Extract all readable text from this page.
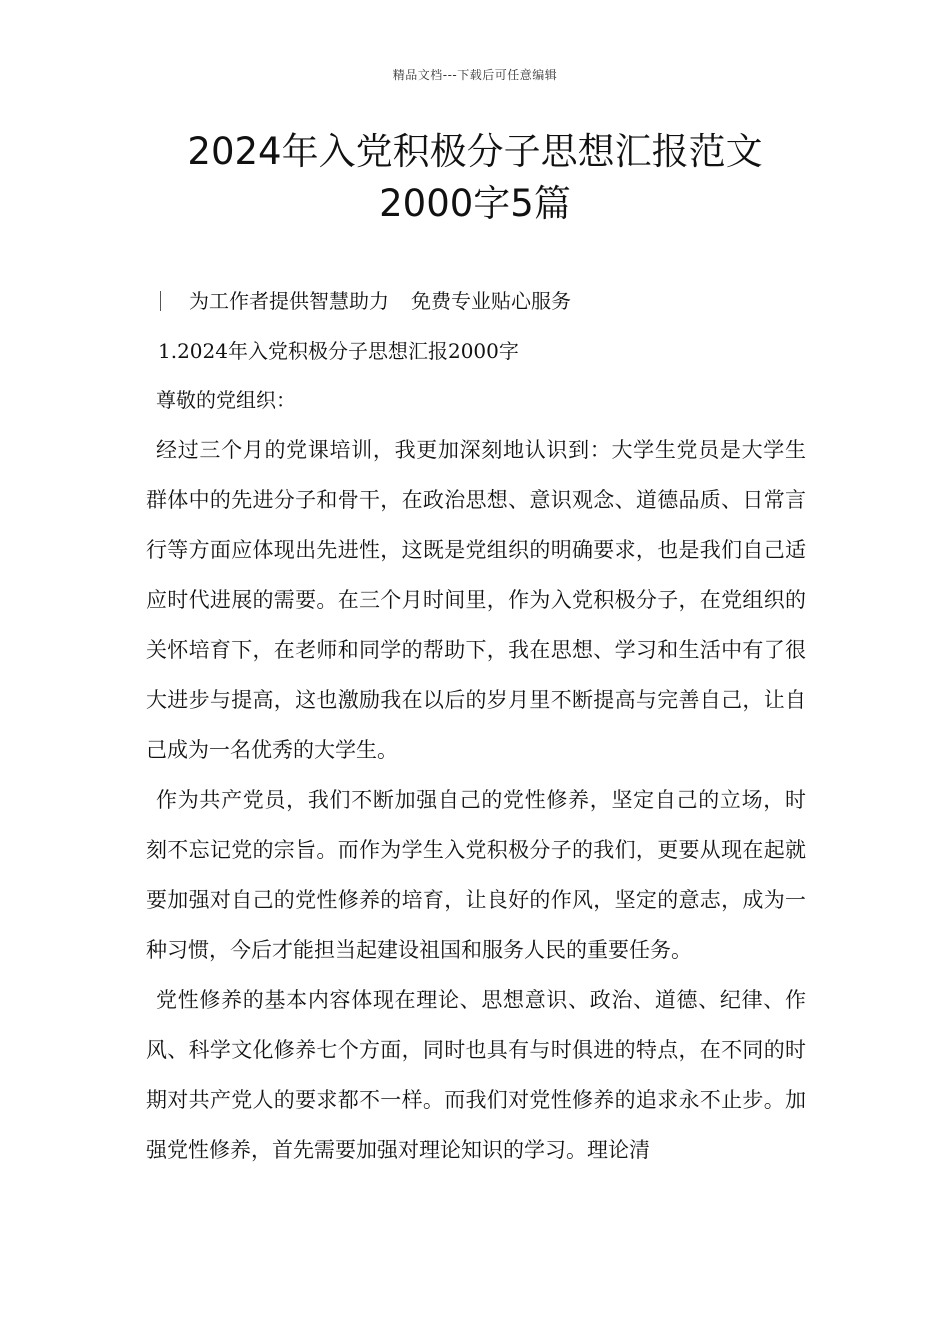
精品文档---下载后可任意编辑
2024年入党积极分子思想汇报范文
2000字5篇
为工作者提供智慧助力 免费专业贴心服务
1.2024年入党积极分子思想汇报2000字
尊敬的党组织：

经过三个月的党课培训，我更加深刻地认识到：大学生党员是大学生群体中的先进分子和骨干，在政治思想、意识观念、道德品质、日常言行等方面应体现出先进性，这既是党组织的明确要求，也是我们自己适应时代进展的需要。在三个月时间里，作为入党积极分子，在党组织的关怀培育下，在老师和同学的帮助下，我在思想、学习和生活中有了很大进步与提高，这也激励我在以后的岁月里不断提高与完善自己，让自己成为一名优秀的大学生。

作为共产党员，我们不断加强自己的党性修养，坚定自己的立场，时刻不忘记党的宗旨。而作为学生入党积极分子的我们，更要从现在起就要加强对自己的党性修养的培育，让良好的作风，坚定的意志，成为一种习惯，今后才能担当起建设祖国和服务人民的重要任务。

党性修养的基本内容体现在理论、思想意识、政治、道德、纪律、作风、科学文化修养七个方面，同时也具有与时俱进的特点，在不同的时期对共产党人的要求都不一样。而我们对党性修养的追求永不止步。加强党性修养，首先需要加强对理论知识的学习。理论清
